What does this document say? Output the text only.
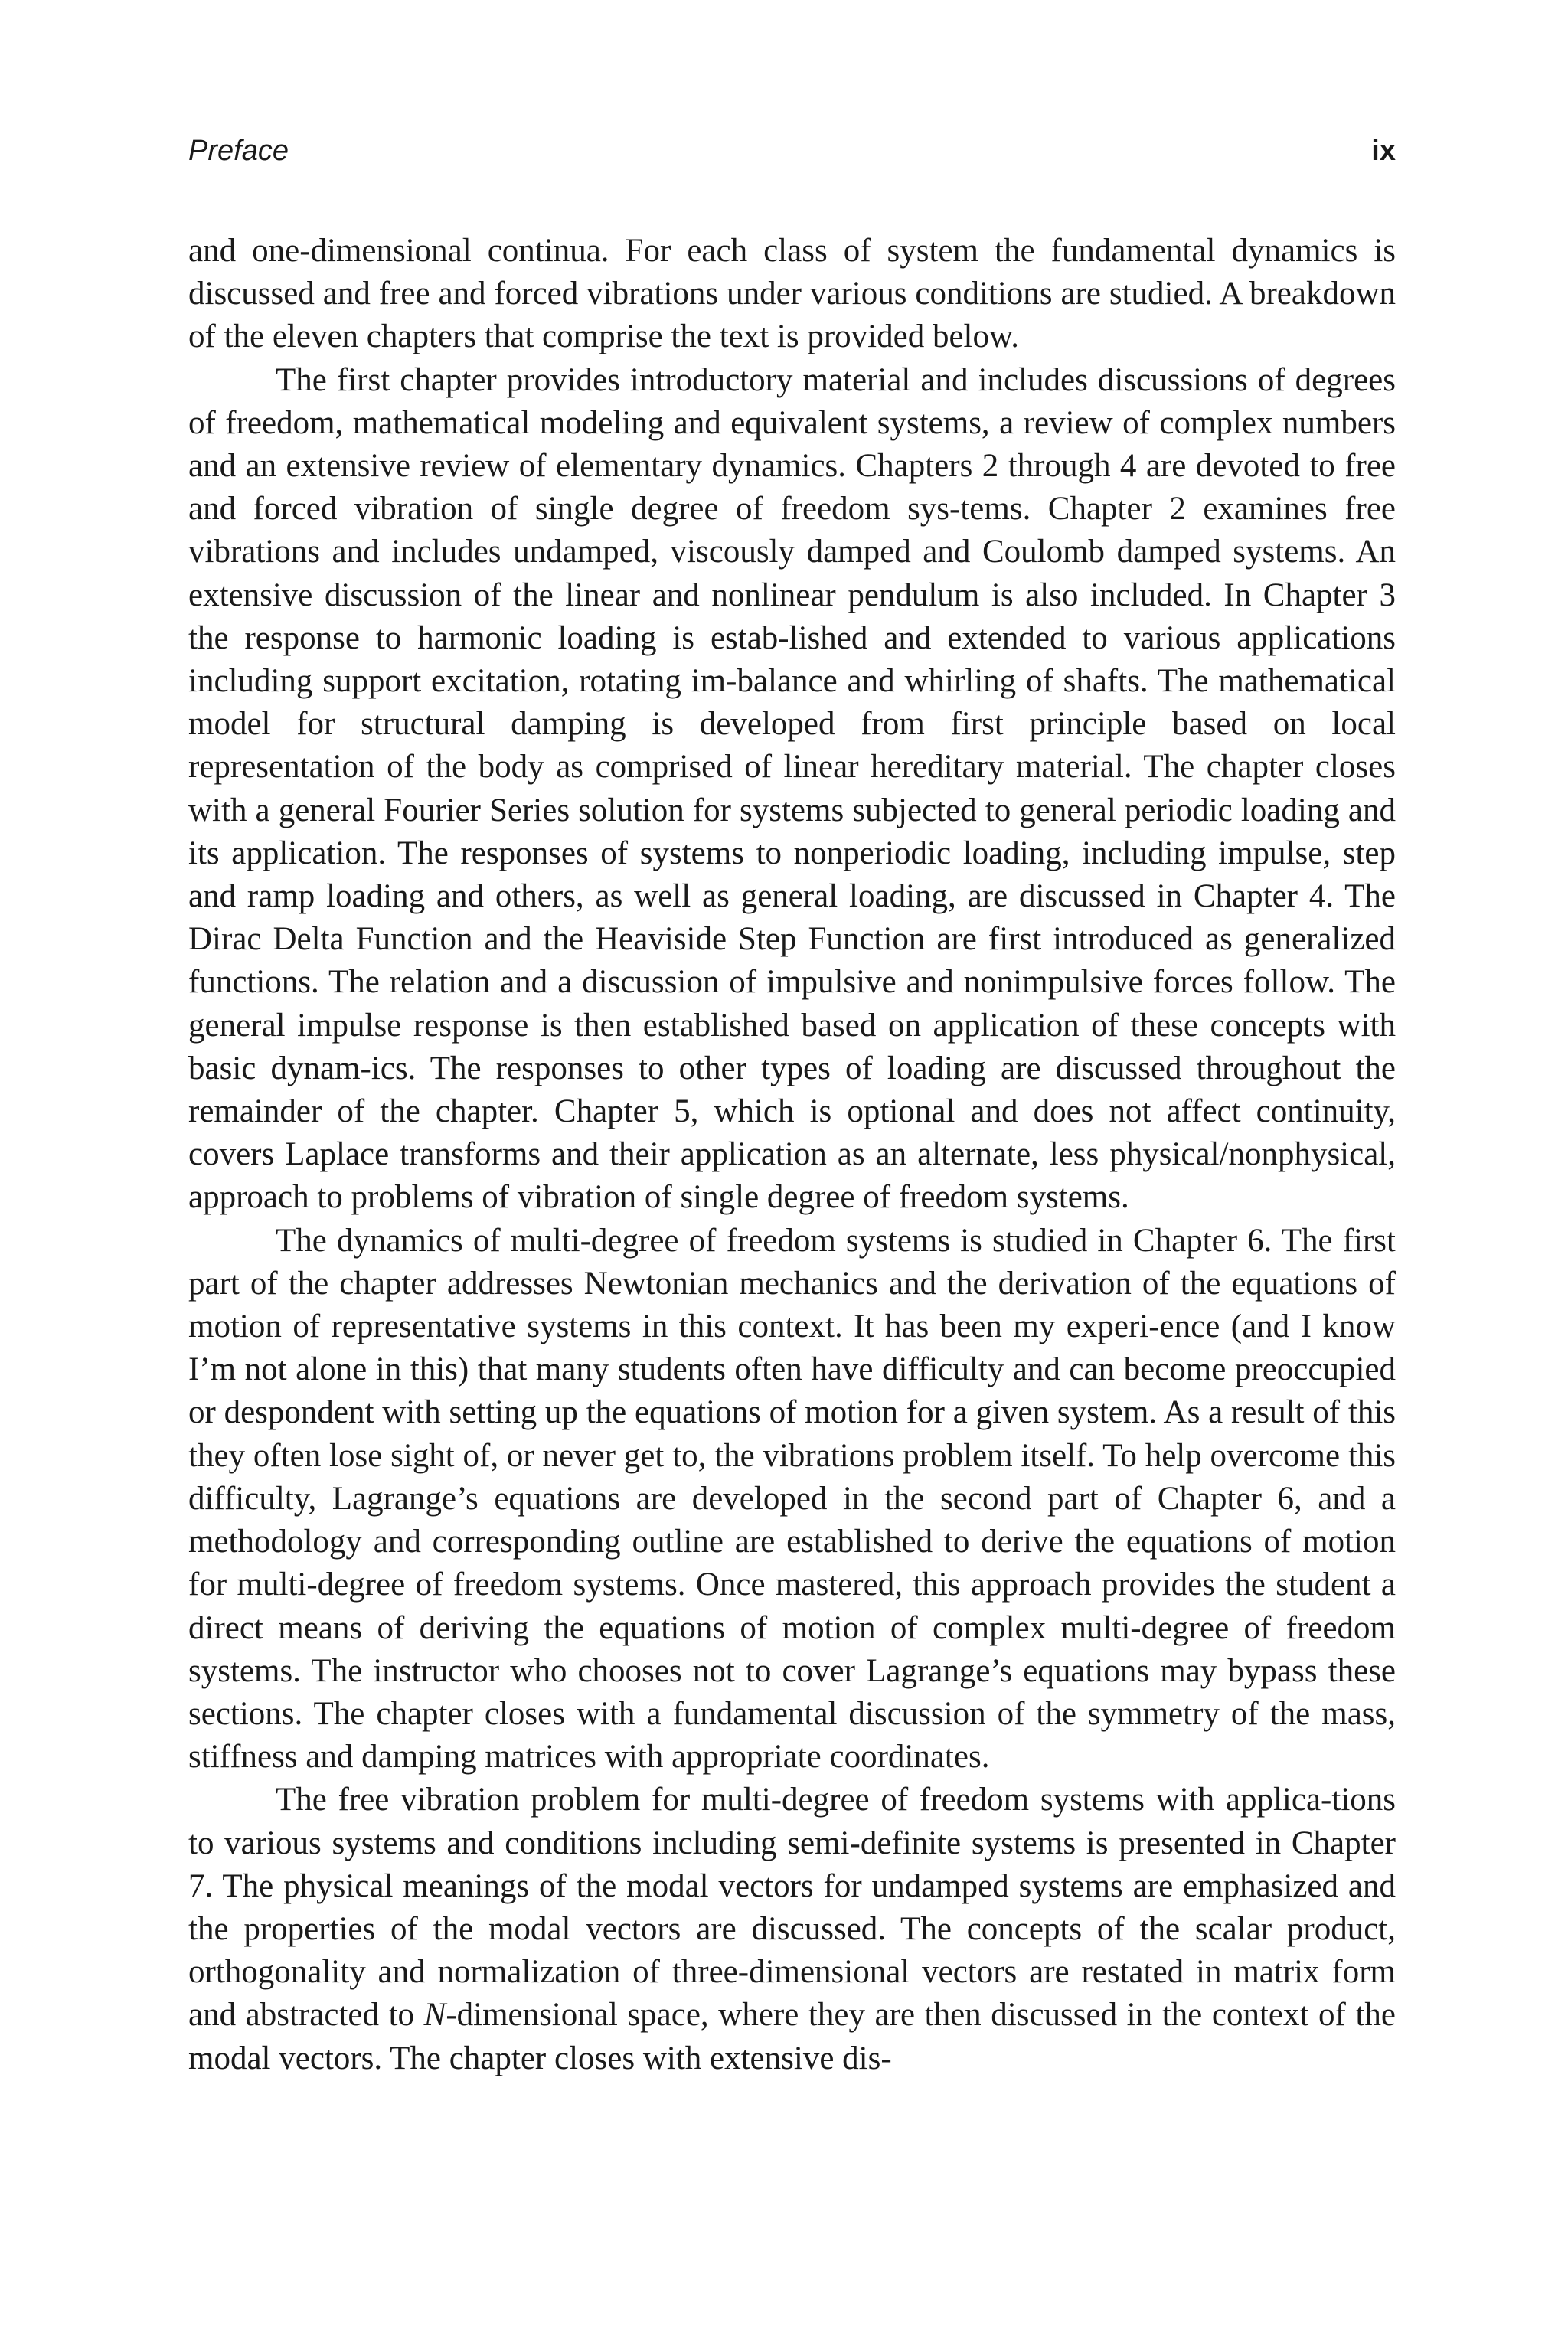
Preface	ix

and one-dimensional continua. For each class of system the fundamental dynamics is discussed and free and forced vibrations under various conditions are studied. A breakdown of the eleven chapters that comprise the text is provided below.

The first chapter provides introductory material and includes discussions of degrees of freedom, mathematical modeling and equivalent systems, a review of complex numbers and an extensive review of elementary dynamics. Chapters 2 through 4 are devoted to free and forced vibration of single degree of freedom sys-tems. Chapter 2 examines free vibrations and includes undamped, viscously damped and Coulomb damped systems. An extensive discussion of the linear and nonlinear pendulum is also included. In Chapter 3 the response to harmonic loading is estab-lished and extended to various applications including support excitation, rotating im-balance and whirling of shafts. The mathematical model for structural damping is developed from first principle based on local representation of the body as comprised of linear hereditary material. The chapter closes with a general Fourier Series solution for systems subjected to general periodic loading and its application. The responses of systems to nonperiodic loading, including impulse, step and ramp loading and others, as well as general loading, are discussed in Chapter 4. The Dirac Delta Function and the Heaviside Step Function are first introduced as generalized functions. The relation and a discussion of impulsive and nonimpulsive forces follow. The general impulse response is then established based on application of these concepts with basic dynam-ics. The responses to other types of loading are discussed throughout the remainder of the chapter. Chapter 5, which is optional and does not affect continuity, covers Laplace transforms and their application as an alternate, less physical/nonphysical, approach to problems of vibration of single degree of freedom systems.

The dynamics of multi-degree of freedom systems is studied in Chapter 6. The first part of the chapter addresses Newtonian mechanics and the derivation of the equations of motion of representative systems in this context. It has been my experi-ence (and I know I’m not alone in this) that many students often have difficulty and can become preoccupied or despondent with setting up the equations of motion for a given system. As a result of this they often lose sight of, or never get to, the vibrations problem itself. To help overcome this difficulty, Lagrange’s equations are developed in the second part of Chapter 6, and a methodology and corresponding outline are established to derive the equations of motion for multi-degree of freedom systems. Once mastered, this approach provides the student a direct means of deriving the equations of motion of complex multi-degree of freedom systems. The instructor who chooses not to cover Lagrange’s equations may bypass these sections. The chapter closes with a fundamental discussion of the symmetry of the mass, stiffness and damping matrices with appropriate coordinates.

The free vibration problem for multi-degree of freedom systems with applica-tions to various systems and conditions including semi-definite systems is presented in Chapter 7. The physical meanings of the modal vectors for undamped systems are emphasized and the properties of the modal vectors are discussed. The concepts of the scalar product, orthogonality and normalization of three-dimensional vectors are restated in matrix form and abstracted to N-dimensional space, where they are then discussed in the context of the modal vectors. The chapter closes with extensive dis-
